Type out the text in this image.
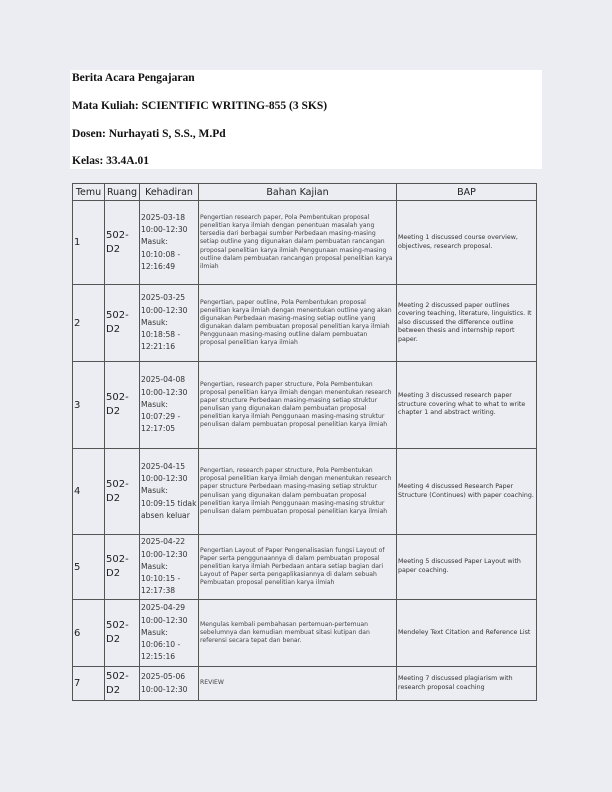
Berita Acara Pengajaran
Mata Kuliah: SCIENTIFIC WRITING-855 (3 SKS)
Dosen: Nurhayati S, S.S., M.Pd
Kelas: 33.4A.01
Temu	Ruang	Kehadiran	Bahan Kajian	BAP
1	502-D2	2025-03-18 10:00-12:30 Masuk: 10:10:08 - 12:16:49	Pengertian research paper, Pola Pembentukan proposal penelitian karya ilmiah dengan penentuan masalah yang tersedia dari berbagai sumber Perbedaan masing-masing setiap outline yang digunakan dalam pembuatan rancangan proposal penelitian karya ilmiah Penggunaan masing-masing outline dalam pembuatan rancangan proposal penelitian karya ilmiah	Meeting 1 discussed course overview, objectives, research proposal.
2	502-D2	2025-03-25 10:00-12:30 Masuk: 10:18:58 - 12:21:16	Pengertian, paper outline, Pola Pembentukan proposal penelitian karya ilmiah dengan menentukan outline yang akan digunakan Perbedaan masing-masing setiap outline yang digunakan dalam pembuatan proposal penelitian karya ilmiah Penggunaan masing-masing outline dalam pembuatan proposal penelitian karya ilmiah	Meeting 2 discussed paper outlines covering teaching, literature, linguistics. It also discussed the difference outline between thesis and internship report paper.
3	502-D2	2025-04-08 10:00-12:30 Masuk: 10:07:29 - 12:17:05	Pengertian, research paper structure, Pola Pembentukan proposal penelitian karya ilmiah dengan menentukan research paper structure Perbedaan masing-masing setiap struktur penulisan yang digunakan dalam pembuatan proposal penelitian karya ilmiah Penggunaan masing-masing struktur penulisan dalam pembuatan proposal penelitian karya ilmiah	Meeting 3 discussed research paper structure covering what to what to write chapter 1 and abstract writing.
4	502-D2	2025-04-15 10:00-12:30 Masuk: 10:09:15 tidak absen keluar	Pengertian, research paper structure, Pola Pembentukan proposal penelitian karya ilmiah dengan menentukan research paper structure Perbedaan masing-masing setiap struktur penulisan yang digunakan dalam pembuatan proposal penelitian karya ilmiah Penggunaan masing-masing struktur penulisan dalam pembuatan proposal penelitian karya ilmiah	Meeting 4 discussed Research Paper Structure (Continues) with paper coaching.
5	502-D2	2025-04-22 10:00-12:30 Masuk: 10:10:15 - 12:17:38	Pengertian Layout of Paper Pengenalisasian fungsi Layout of Paper serta penggunaannya di dalam pembuatan proposal penelitian karya ilmiah Perbedaan antara setiap bagian dari Layout of Paper serta pengaplikasiannya di dalam sebuah Pembuatan proposal penelitian karya ilmiah	Meeting 5 discussed Paper Layout with paper coaching.
6	502-D2	2025-04-29 10:00-12:30 Masuk: 10:06:10 - 12:15:16	Mengulas kembali pembahasan pertemuan-pertemuan sebelumnya dan kemudian membuat sitasi kutipan dan referensi secara tepat dan benar.	Mendeley Text Citation and Reference List
7	502-D2	2025-05-06 10:00-12:30	REVIEW	Meeting 7 discussed plagiarism with research proposal coaching
